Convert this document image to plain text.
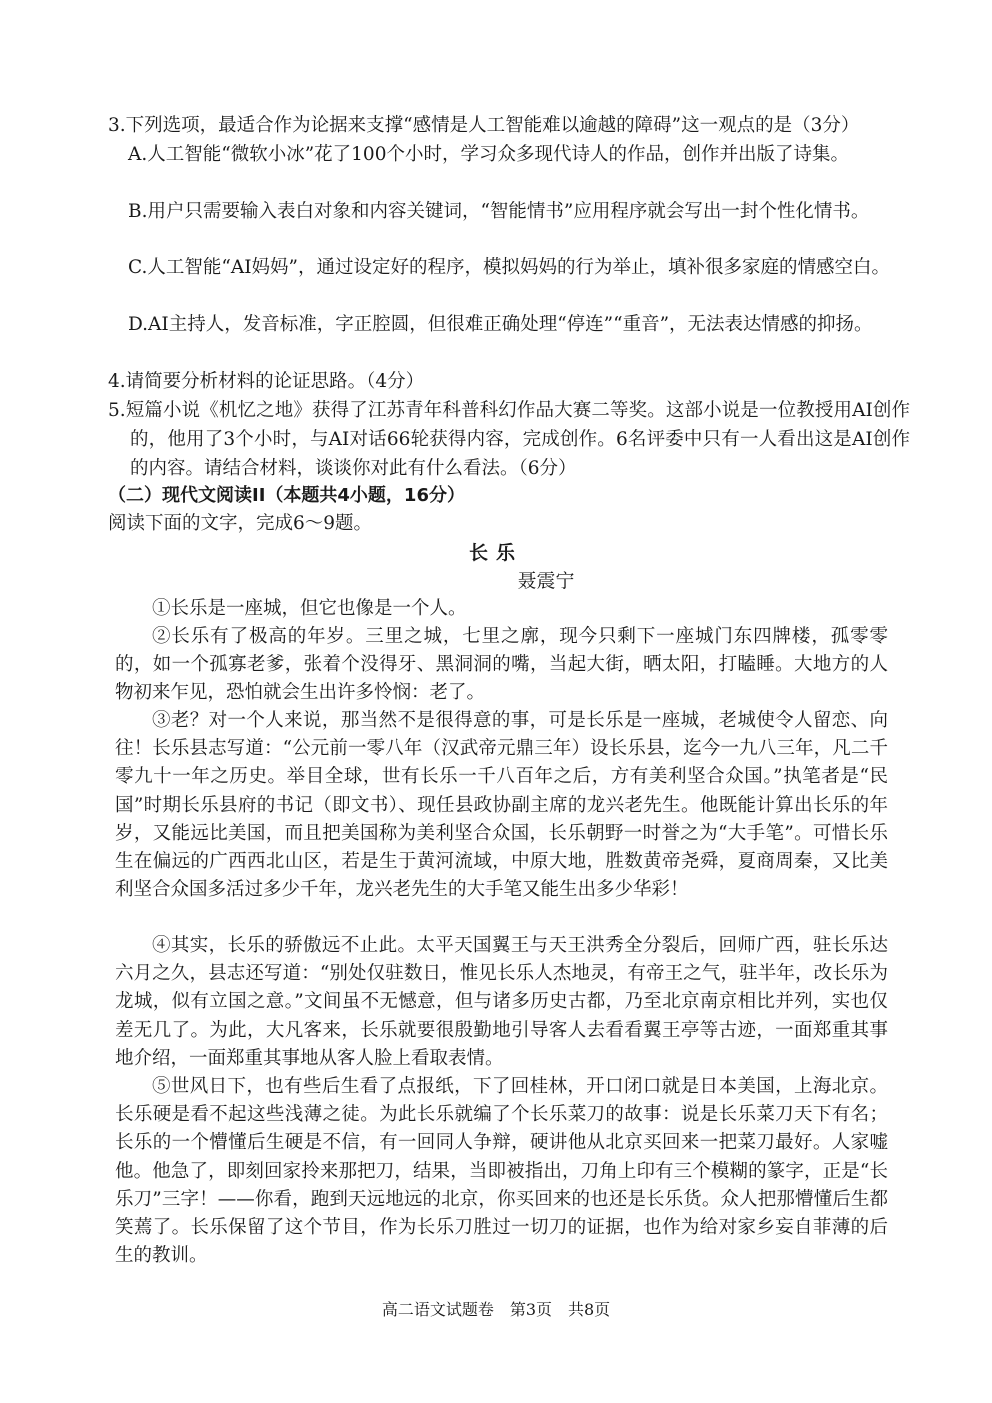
3.下列选项，最适合作为论据来支撑“感情是人工智能难以逾越的障碍”这一观点的是（3分）
A.人工智能“微软小冰”花了100个小时，学习众多现代诗人的作品，创作并出版了诗集。
B.用户只需要输入表白对象和内容关键词，“智能情书”应用程序就会写出一封个性化情书。
C.人工智能“AI妈妈”，通过设定好的程序，模拟妈妈的行为举止，填补很多家庭的情感空白。
D.AI主持人，发音标准，字正腔圆，但很难正确处理“停连”“重音”，无法表达情感的抑扬。
4.请简要分析材料的论证思路。（4分）
5.短篇小说《机忆之地》获得了江苏青年科普科幻作品大赛二等奖。这部小说是一位教授用AI创作的，他用了3个小时，与AI对话66轮获得内容，完成创作。6名评委中只有一人看出这是AI创作的内容。请结合材料，谈谈你对此有什么看法。（6分）
（二）现代文阅读II（本题共4小题，16分）
阅读下面的文字，完成6～9题。
长乐
聂震宁
①长乐是一座城，但它也像是一个人。
②长乐有了极高的年岁。三里之城，七里之廓，现今只剩下一座城门东四牌楼，孤零零的，如一个孤寡老爹，张着个没得牙、黑洞洞的嘴，当起大街，晒太阳，打瞌睡。大地方的人物初来乍见，恐怕就会生出许多怜悯：老了。
③老？对一个人来说，那当然不是很得意的事，可是长乐是一座城，老城使令人留恋、向往！长乐县志写道：“公元前一零八年（汉武帝元鼎三年）设长乐县，迄今一九八三年，凡二千零九十一年之历史。举目全球，世有长乐一千八百年之后，方有美利坚合众国。”执笔者是“民国”时期长乐县府的书记（即文书）、现任县政协副主席的龙兴老先生。他既能计算出长乐的年岁，又能远比美国，而且把美国称为美利坚合众国，长乐朝野一时誉之为“大手笔”。可惜长乐生在偏远的广西西北山区，若是生于黄河流域，中原大地，胜数黄帝尧舜，夏商周秦，又比美利坚合众国多活过多少千年，龙兴老先生的大手笔又能生出多少华彩！
④其实，长乐的骄傲远不止此。太平天国翼王与天王洪秀全分裂后，回师广西，驻长乐达六月之久，县志还写道：“别处仅驻数日，惟见长乐人杰地灵，有帝王之气，驻半年，改长乐为龙城，似有立国之意。”文间虽不无憾意，但与诸多历史古都，乃至北京南京相比并列，实也仅差无几了。为此，大凡客来，长乐就要很殷勤地引导客人去看看翼王亭等古迹，一面郑重其事地介绍，一面郑重其事地从客人脸上看取表情。
⑤世风日下，也有些后生看了点报纸，下了回桂林，开口闭口就是日本美国，上海北京。长乐硬是看不起这些浅薄之徒。为此长乐就编了个长乐菜刀的故事：说是长乐菜刀天下有名；长乐的一个懵懂后生硬是不信，有一回同人争辩，硬讲他从北京买回来一把菜刀最好。人家嘘他。他急了，即刻回家拎来那把刀，结果，当即被指出，刀角上印有三个模糊的篆字，正是“长乐刀”三字！——你看，跑到天远地远的北京，你买回来的也还是长乐货。众人把那懵懂后生都笑蔫了。长乐保留了这个节目，作为长乐刀胜过一切刀的证据，也作为给对家乡妄自菲薄的后生的教训。
高二语文试题卷　第3页　共8页
